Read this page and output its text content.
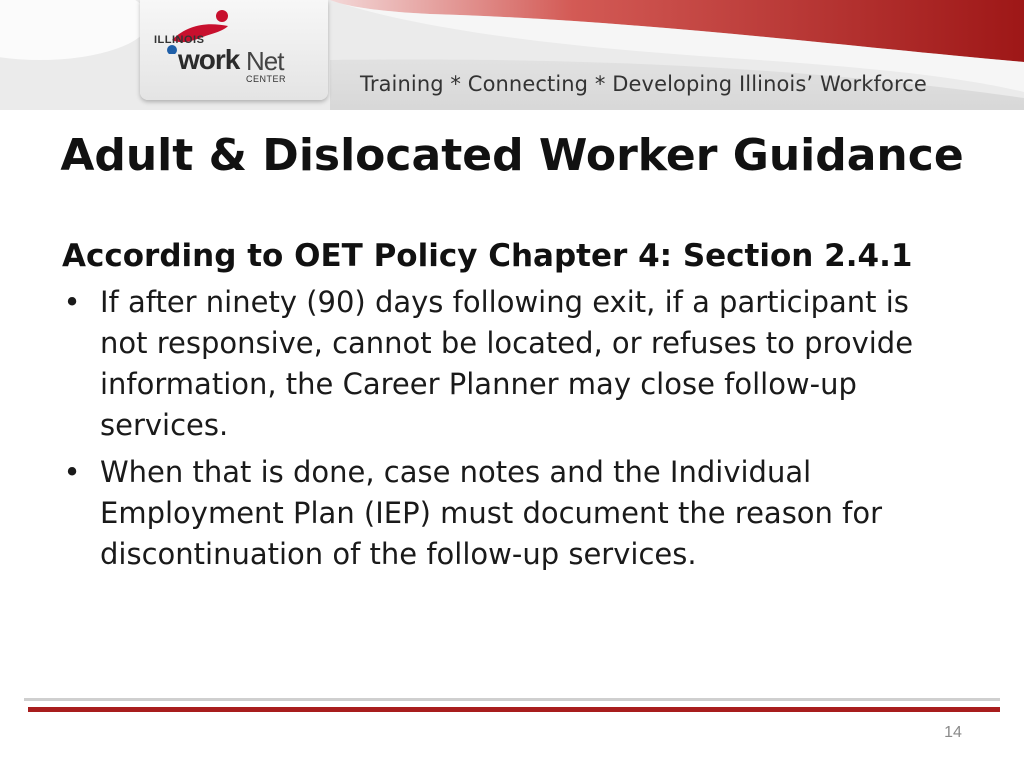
ILLINOIS
work Net
CENTER	Training * Connecting * Developing Illinois’ Workforce
Adult & Dislocated Worker Guidance
According to OET Policy Chapter 4: Section 2.4.1
• If after ninety (90) days following exit, if a participant is not responsive, cannot be located, or refuses to provide information, the Career Planner may close follow-up services.
• When that is done, case notes and the Individual Employment Plan (IEP) must document the reason for discontinuation of the follow-up services.
14
